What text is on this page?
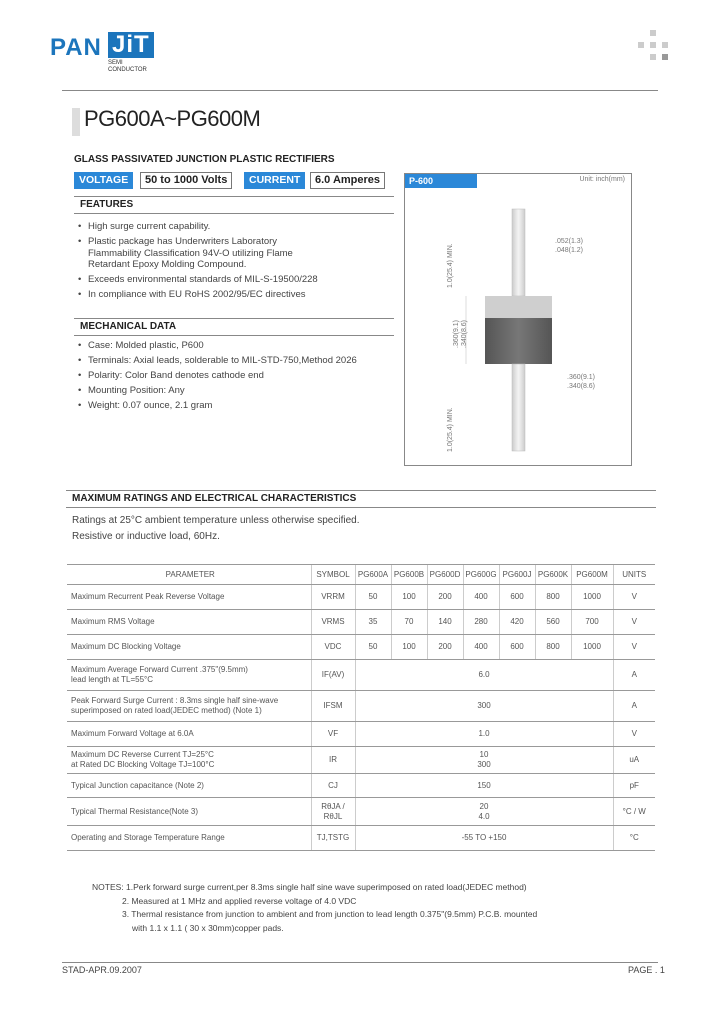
PAN JiT
SEMI
CONDUCTOR
PG600A~PG600M
GLASS PASSIVATED JUNCTION PLASTIC RECTIFIERS
VOLTAGE	50 to 1000 Volts	CURRENT	6.0 Amperes
FEATURES
• High surge current capability.
• Plastic package has Underwriters Laboratory Flammability Classification 94V-O utilizing Flame Retardant Epoxy Molding Compound.
• Exceeds environmental standards of MIL-S-19500/228
• In compliance with EU RoHS 2002/95/EC directives
MECHANICAL DATA
• Case: Molded plastic, P600
• Terminals: Axial leads, solderable to MIL-STD-750,Method 2026
• Polarity: Color Band denotes cathode end
• Mounting Position: Any
• Weight: 0.07 ounce, 2.1 gram
P-600	Unit: inch(mm)
1.0(25.4) MIN.
.360(9.1) .340(8.6)
1.0(25.4) MIN.
.052(1.3)
.048(1.2)
.360(9.1)
.340(8.6)
MAXIMUM RATINGS AND ELECTRICAL CHARACTERISTICS
Ratings at 25°C ambient temperature unless otherwise specified.
Resistive or inductive load, 60Hz.
PARAMETER	SYMBOL	PG600A	PG600B	PG600D	PG600G	PG600J	PG600K	PG600M	UNITS
Maximum Recurrent Peak Reverse Voltage	VRRM	50	100	200	400	600	800	1000	V
Maximum RMS Voltage	VRMS	35	70	140	280	420	560	700	V
Maximum DC Blocking Voltage	VDC	50	100	200	400	600	800	1000	V
Maximum Average Forward Current .375"(9.5mm)
lead length at TL=55°C	IF(AV)	6.0							A
Peak Forward Surge Current : 8.3ms single half sine-wave
superimposed on rated load(JEDEC method) (Note 1)	IFSM	300							A
Maximum Forward Voltage at 6.0A	VF	1.0							V
Maximum DC Reverse Current TJ=25°C
at Rated DC Blocking Voltage TJ=100°C	IR	10
300							uA
Typical Junction capacitance (Note 2)	CJ	150							pF
Typical Thermal Resistance(Note 3)	RθJA / RθJL	20
4.0							°C / W
Operating and Storage Temperature Range	TJ,TSTG	-55 TO +150							°C
NOTES: 1.Perk forward surge current,per 8.3ms single half sine wave superimposed on rated load(JEDEC method)
2. Measured at 1 MHz and applied reverse voltage of 4.0 VDC
3. Thermal resistance from junction to ambient and from junction to lead length 0.375"(9.5mm) P.C.B. mounted
with 1.1 x 1.1 ( 30 x 30mm)copper pads.
STAD-APR.09.2007	PAGE . 1
